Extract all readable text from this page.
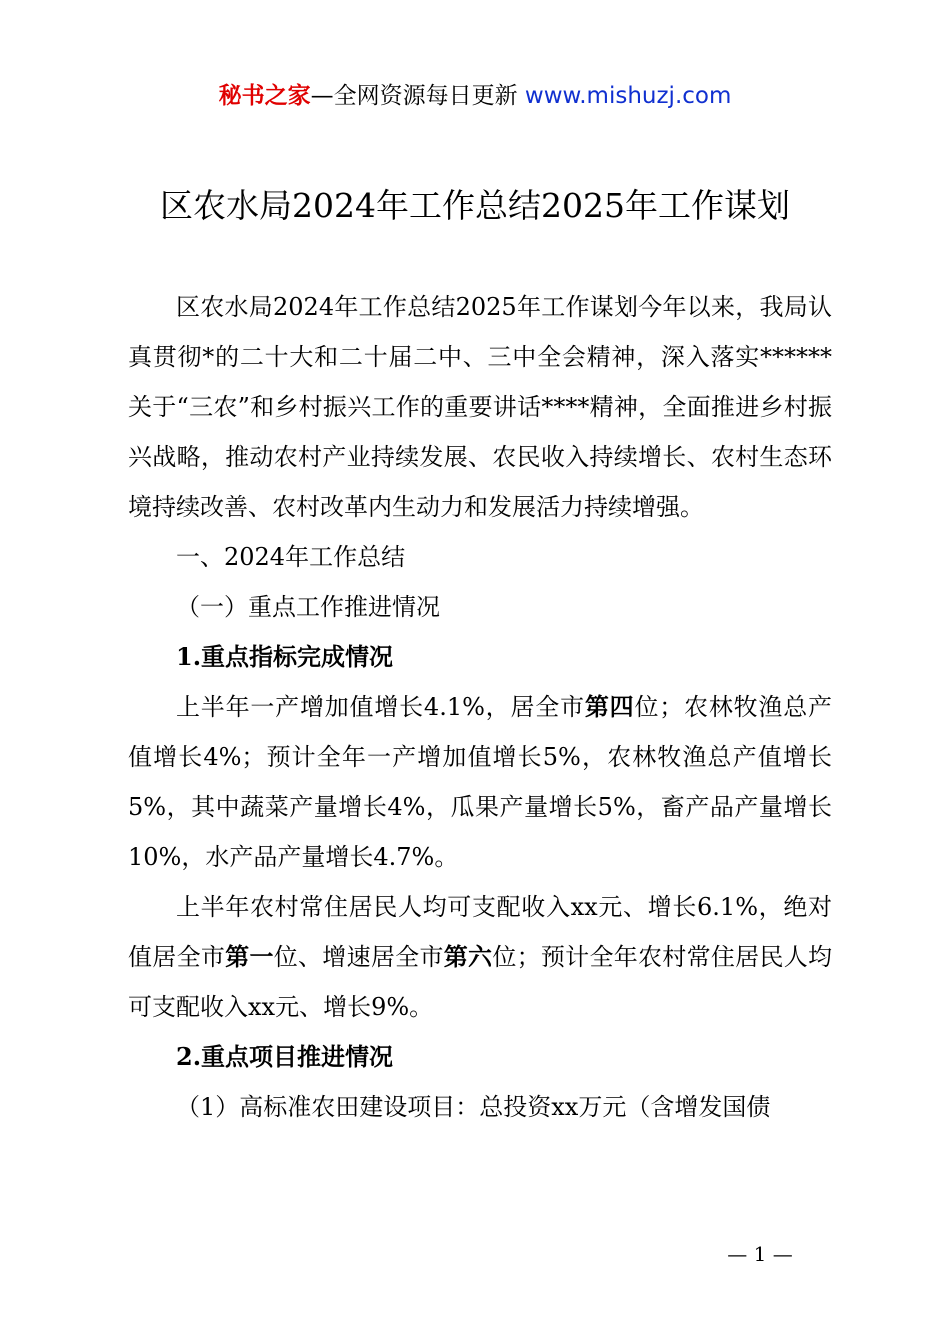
秘书之家—全网资源每日更新 www.mishuzj.com
区农水局2024年工作总结2025年工作谋划

区农水局2024年工作总结2025年工作谋划今年以来，我局认真贯彻*的二十大和二十届二中、三中全会精神，深入落实******关于“三农”和乡村振兴工作的重要讲话****精神，全面推进乡村振兴战略，推动农村产业持续发展、农民收入持续增长、农村生态环境持续改善、农村改革内生动力和发展活力持续增强。

一、2024年工作总结

（一）重点工作推进情况

1.重点指标完成情况

上半年一产增加值增长4.1%，居全市第四位；农林牧渔总产值增长4%；预计全年一产增加值增长5%，农林牧渔总产值增长5%，其中蔬菜产量增长4%，瓜果产量增长5%，畜产品产量增长10%，水产品产量增长4.7%。

上半年农村常住居民人均可支配收入xx元、增长6.1%，绝对值居全市第一位、增速居全市第六位；预计全年农村常住居民人均可支配收入xx元、增长9%。

2.重点项目推进情况

（1）高标准农田建设项目：总投资xx万元（含增发国债

— 1 —
